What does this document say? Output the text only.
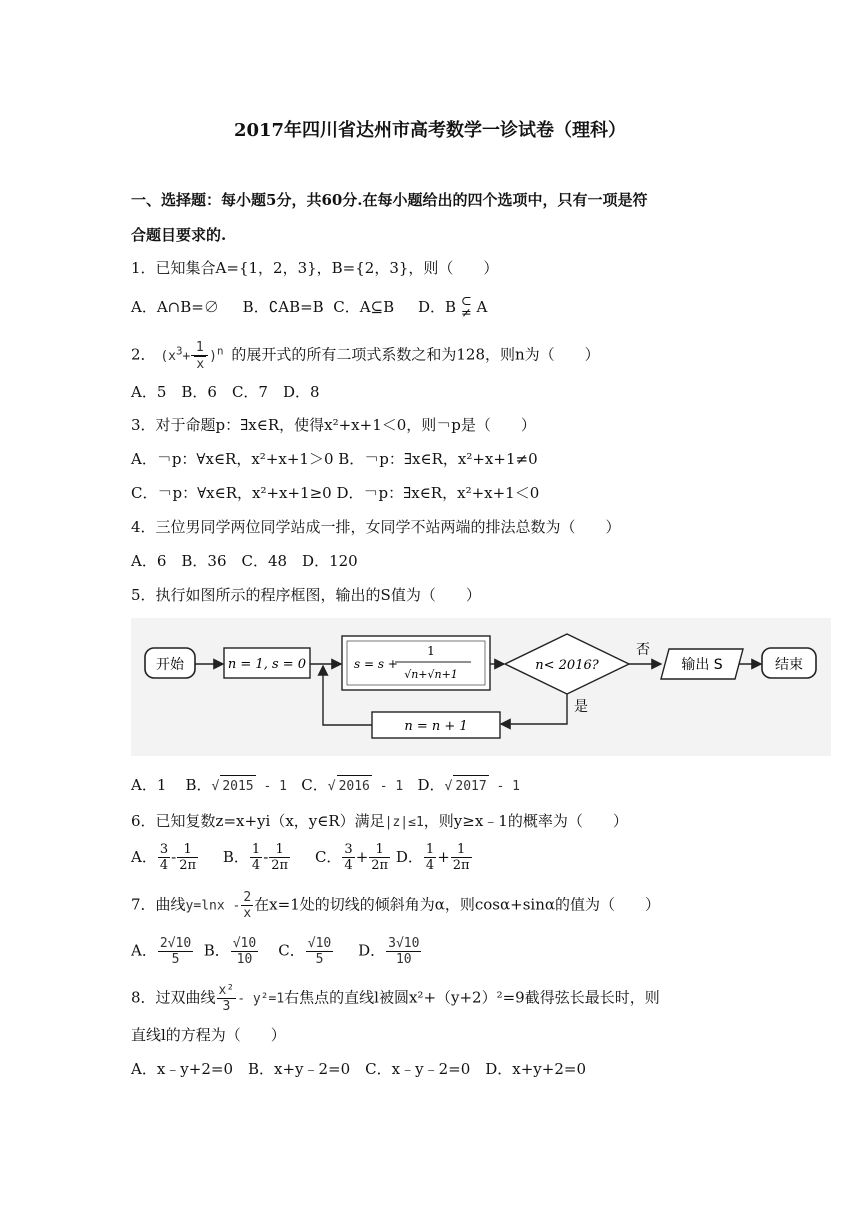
2017年四川省达州市高考数学一诊试卷（理科）
一、选择题：每小题5分，共60分.在每小题给出的四个选项中，只有一项是符
合题目要求的.
1．已知集合A={1，2，3}，B={2，3}，则（　　）
A．A∩B=∅ B．∁AB=B C．A⊆B D．B ⊂
≠ A
2． $(x^3+ \frac{1}{x} )^n$ 的展开式的所有二项式系数之和为128，则n为（　　）
A．5　B．6　C．7　D．8
3．对于命题p：∃x∈R，使得x²+x+1＜0，则￢p是（　　）
A．￢p：∀x∈R，x²+x+1＞0 B．￢p：∃x∈R，x²+x+1≠0
C．￢p：∀x∈R，x²+x+1≥0 D．￢p：∃x∈R，x²+x+1＜0
4．三位男同学两位同学站成一排，女同学不站两端的排法总数为（　　）
A．6　B．36　C．48　D．120
5．执行如图所示的程序框图，输出的S值为（　　）
开始	n = 1, s = 0	s = s +
1
√n+√n+1
n< 2016?
否
输出 S	结束
是
n = n + 1
A．1 B．√ 2015 - 1 C．√ 2016 - 1 D．√ 2017 - 1
6．已知复数z=x+yi（x，y∈R）满足|z|≤1，则y≥x﹣1的概率为（　　）
A． $\frac{3}{4} - \frac{1}{2\pi}$ B． $\frac{1}{4} - \frac{1}{2\pi}$ C． $\frac{3}{4} + \frac{1}{2\pi}$ D． $\frac{1}{4} + \frac{1}{2\pi}$
7．曲线$y=\ln x - \frac{2}{x}$ 在x=1处的切线的倾斜角为α，则cosα+sinα的值为（　　）
A． $\frac{2√10}{5}$ B． $\frac{√10}{10}$ C． $\frac{√10}{5}$ D． $\frac{3√10}{10}$
8．过双曲线 $\frac{\text{x²}}{3} - y^2=1$右焦点的直线l被圆x²+（y+2）²=9截得弦长最长时，则
直线l的方程为（　　）
A．x﹣y+2=0　B．x+y﹣2=0　C．x﹣y﹣2=0　D．x+y+2=0
